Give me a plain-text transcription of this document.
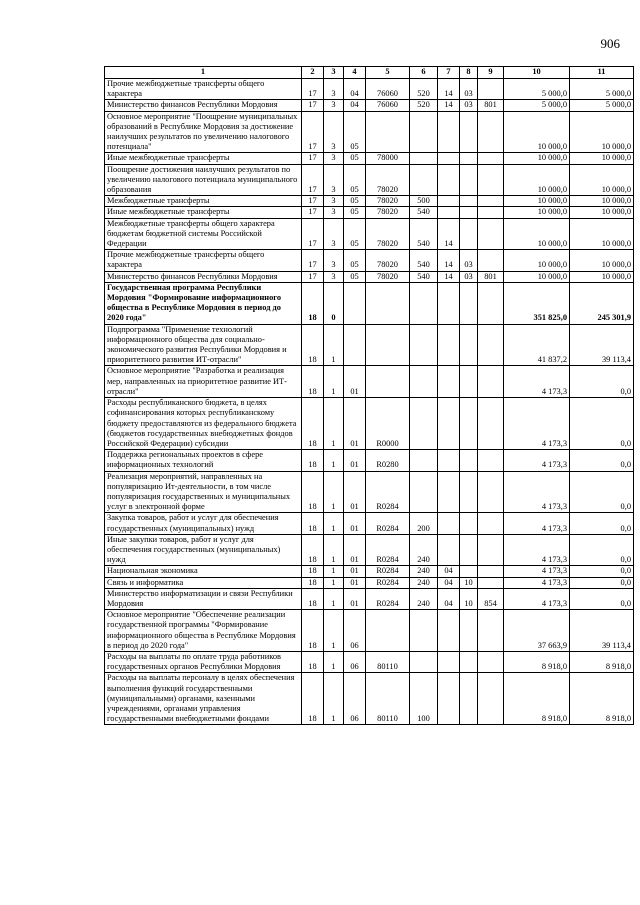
906
1	2	3	4	5	6	7	8	9	10	11
Прочие межбюджетные трансферты общего характера	17	3	04	76060	520	14	03		5 000,0	5 000,0
Министерство финансов Республики Мордовия	17	3	04	76060	520	14	03	801	5 000,0	5 000,0
Основное мероприятие "Поощрение муниципальных образований в Республике Мордовия за достижение наилучших результатов по увеличению налогового потенциала"	17	3	05						10 000,0	10 000,0
Иные межбюджетные трансферты	17	3	05	78000					10 000,0	10 000,0
Поощрение достижения наилучших результатов по увеличению налогового потенциала муниципального образования	17	3	05	78020					10 000,0	10 000,0
Межбюджетные трансферты	17	3	05	78020	500				10 000,0	10 000,0
Иные межбюджетные трансферты	17	3	05	78020	540				10 000,0	10 000,0
Межбюджетные трансферты общего характера бюджетам бюджетной системы Российской Федерации	17	3	05	78020	540	14			10 000,0	10 000,0
Прочие межбюджетные трансферты общего характера	17	3	05	78020	540	14	03		10 000,0	10 000,0
Министерство финансов Республики Мордовия	17	3	05	78020	540	14	03	801	10 000,0	10 000,0
Государственная программа Республики Мордовия "Формирование информационного общества в Республике Мордовия в период до 2020 года"	18	0							351 825,0	245 301,9
Подпрограмма "Применение технологий информационного общества для социально-экономического развития Республики Мордовия и приоритетного развития ИТ-отрасли"	18	1							41 837,2	39 113,4
Основное мероприятие "Разработка и реализация мер, направленных на приоритетное развитие ИТ-отрасли"	18	1	01						4 173,3	0,0
Расходы республиканского бюджета, в целях софинансирования которых республиканскому бюджету предоставляются из федерального бюджета (бюджетов государственных внебюджетных фондов Российской Федерации) субсидии	18	1	01	R0000					4 173,3	0,0
Поддержка региональных проектов в сфере информационных технологий	18	1	01	R0280					4 173,3	0,0
Реализация мероприятий, направленных на популяризацию Ит-деятельности, в том числе популяризация государственных и муниципальных услуг в электронной форме	18	1	01	R0284					4 173,3	0,0
Закупка товаров, работ и услуг для обеспечения государственных (муниципальных) нужд	18	1	01	R0284	200				4 173,3	0,0
Иные закупки товаров, работ и услуг для обеспечения государственных (муниципальных) нужд	18	1	01	R0284	240				4 173,3	0,0
Национальная экономика	18	1	01	R0284	240	04			4 173,3	0,0
Связь и информатика	18	1	01	R0284	240	04	10		4 173,3	0,0
Министерство информатизации и связи Республики Мордовия	18	1	01	R0284	240	04	10	854	4 173,3	0,0
Основное мероприятие "Обеспечение реализации государственной программы "Формирование информационного общества в Республике Мордовия в период до 2020 года"	18	1	06						37 663,9	39 113,4
Расходы на выплаты по оплате труда работников государственных органов Республики Мордовия	18	1	06	80110					8 918,0	8 918,0
Расходы на выплаты персоналу в целях обеспечения выполнения функций государственными (муниципальными) органами, казенными учреждениями, органами управления государственными внебюджетными фондами	18	1	06	80110	100				8 918,0	8 918,0
